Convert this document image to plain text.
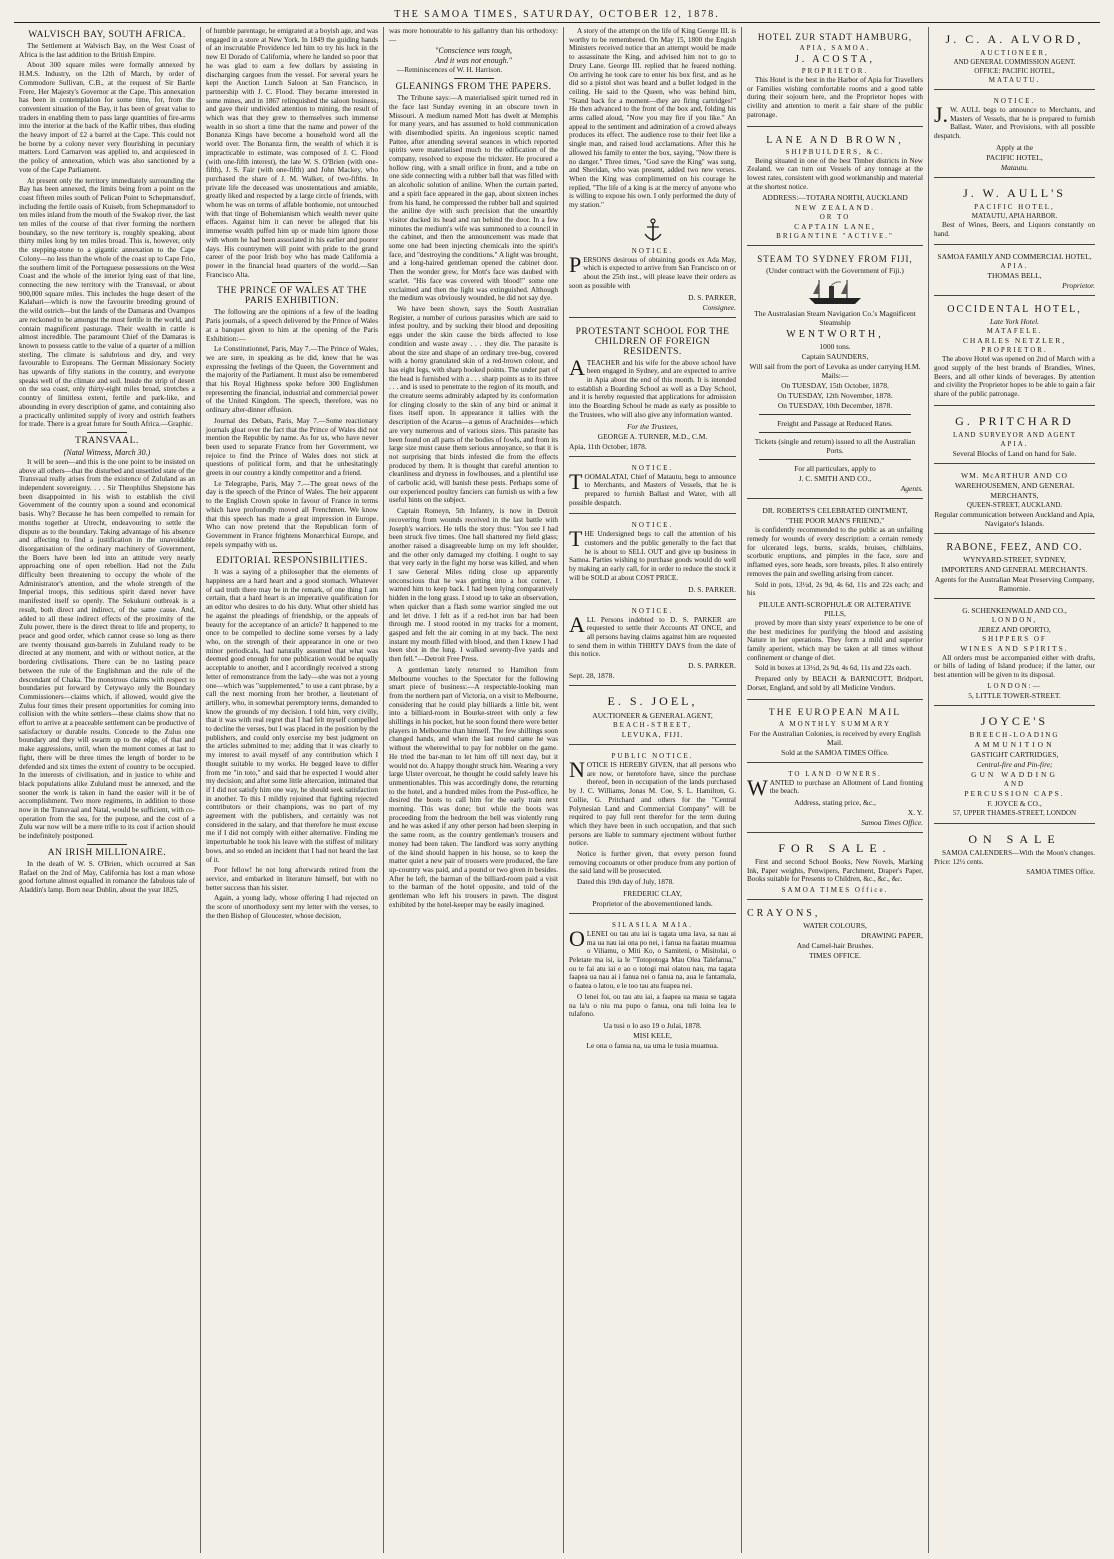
THE SAMOA TIMES, SATURDAY, OCTOBER 12, 1878.
WALVISCH BAY, SOUTH AFRICA.

The Settlement at Walvisch Bay, on the West Coast of Africa is the last addition to the British Empire.

About 300 square miles were formally annexed by H.M.S. Industry, on the 12th of March, by order of Commodore Sullivan, C.B., at the request of Sir Bartle Frere, Her Majesty's Governor at the Cape. This annexation has been in contemplation for some time, for, from the convenient situation of the Bay, it has been of great value to traders in enabling them to pass large quantities of fire-arms into the interior at the back of the Kaffir tribes, thus eluding the heavy import of £2 a barrel at the Cape. This could not be borne by a colony never very flourishing in pecuniary matters. Lord Carnarvon was applied to, and acquiesced in the policy of annexation, which was also sanctioned by a vote of the Cape Parliament.

At present only the territory immediately surrounding the Bay has been annexed, the limits being from a point on the coast fifteen miles south of Pelican Point to Schepmansdorf, including the fertile oasis of Kuiseb, from Schepmansdorf to ten miles inland from the mouth of the Swakop river, the last ten miles of the course of that river forming the northern boundary, so the new territory is, roughly speaking, about thirty miles long by ten miles broad. This is, however, only the stepping-stone to a gigantic annexation to the Cape Colony—no less than the whole of the coast up to Cape Frio, the southern limit of the Portuguese possessions on the West Coast and the whole of the interior lying east of that line, connecting the new territory with the Transvaal, or about 900,000 square miles. This includes the huge desert of the Kalahari—which is now the favourite breeding ground of the wild ostrich—but the lands of the Damaras and Ovampos are reckoned to be amongst the most fertile in the world, and contain magnificent pasturage. Their wealth in cattle is almost incredible. The paramount Chief of the Damaras is known to possess cattle to the value of a quarter of a million sterling. The climate is salubrious and dry, and very favourable to Europeans. The German Missionary Society has upwards of fifty stations in the country, and everyone speaks well of the climate and soil. Inside the strip of desert on the sea coast, only thirty-eight miles broad, stretches a country of limitless extent, fertile and park-like, and abounding in every description of game, and containing also a practically unlimited supply of ivory and ostrich feathers for trade. There is a great future for South Africa.—Graphic.

TRANSVAAL.
(Natal Witness, March 30.)

It will be seen—and this is the one point to be insisted on above all others—that the disturbed and unsettled state of the Transvaal really arises from the existence of Zululand as an independent sovereignty. . . . Sir Theophilus Shepstone has been disappointed in his wish to establish the civil Government of the country upon a sound and economical basis. Why? Because he has been compelled to remain for months together at Utrecht, endeavouring to settle the dispute as to the boundary. Taking advantage of his absence and affecting to find a justification in the unavoidable disorganisation of the ordinary machinery of Government, the Boers have been led into an attitude very nearly approaching one of open rebellion. Had not the Zulu difficulty been threatening to occupy the whole of the Administrator's attention, and the whole strength of the Imperial troops, this seditious spirit dared never have manifested itself so openly. The Sekukuni outbreak is a result, both direct and indirect, of the same cause. And, added to all these indirect effects of the proximity of the Zulu power, there is the direct threat to life and property, to peace and good order, which cannot cease so long as there are twenty thousand gun-barrels in Zululand ready to be directed at any moment, and with or without notice, at the bordering civilisations. There can be no lasting peace between the rule of the Englishman and the rule of the descendant of Chaka. The monstrous claims with respect to boundaries put forward by Cetywayo only the Boundary Commissioners—claims which, if allowed, would give the Zulus four times their present opportunities for coming into collision with the white settlers—these claims show that no effort to arrive at a peaceable settlement can be productive of satisfactory or durable results. Concede to the Zulus one boundary and they will swarm up to the edge, of that and make aggressions, until, when the moment comes at last to fight, there will be three times the length of border to be defended and six times the extent of country to be occupied. In the interests of civilisation, and in justice to white and black populations alike Zululand must be annexed, and the sooner the work is taken in hand the easier will it be of accomplishment. Two more regiments, in addition to those now in the Transvaal and Natal, would be sufficient, with co-operation from the sea, for the purpose, and the cost of a Zulu war now will be a mere trifle to its cost if action should be indefinitely postponed.

AN IRISH MILLIONAIRE.

In the death of W. S. O'Brien, which occurred at San Rafael on the 2nd of May, California has lost a man whose good fortune almost equalled in romance the fabulous tale of Aladdin's lamp. Born near Dublin, about the year 1825,

of humble parentage, he emigrated at a boyish age, and was engaged in a store at New York. In 1849 the guiding hands of an inscrutable Providence led him to try his luck in the new El Dorado of California, where he landed so poor that he was glad to earn a few dollars by assisting in discharging cargoes from the vessel. For several years he kept the Auction Lunch Saloon at San Francisco, in partnership with J. C. Flood. They became interested in some mines, and in 1867 relinquished the saloon business, and gave their undivided attention to mining, the result of which was that they grew to themselves such immense wealth in so short a time that the name and power of the Bonanza Kings have become a household word all the world over. The Bonanza firm, the wealth of which it is impracticable to estimate, was composed of J. C. Flood (with one-fifth interest), the late W. S. O'Brien (with one-fifth), J. S. Fair (with one-fifth) and John Mackey, who purchased the share of J. M. Walker, of two-fifths. In private life the deceased was unostentatious and amiable, greatly liked and respected by a large circle of friends, with whom he was on terms of affable bonhomie, not untouched with that tinge of Bohemianism which wealth never quite effaces. Against him it can never be alleged that his immense wealth puffed him up or made him ignore those with whom he had been associated in his earlier and poorer days. His countrymen will point with pride to the grand career of the poor Irish boy who has made California a power in the financial head quarters of the world.—San Francisco Alta.

THE PRINCE OF WALES AT THE PARIS EXHIBITION.

The following are the opinions of a few of the leading Paris journals, of a speech delivered by the Prince of Wales at a banquet given to him at the opening of the Paris Exhibition:—

Le Constitutionnel, Paris, May 7.—The Prince of Wales, we are sure, in speaking as he did, knew that he was expressing the feelings of the Queen, the Government and the majority of the Parliament. It must also be remembered that his Royal Highness spoke before 300 Englishmen representing the financial, industrial and commercial power of the United Kingdom. The speech, therefore, was no ordinary after-dinner effusion.

Journal des Debats, Paris, May 7.—Some reactionary journals gloat over the fact that the Prince of Wales did not mention the Republic by name. As for us, who have never been used to separate France from her Government, we rejoice to find the Prince of Wales does not stick at questions of political form, and that he unhesitatingly greets in our country a kindly competitor and a friend.

Le Telegraphe, Paris, May 7.—The great news of the day is the speech of the Prince of Wales. The heir apparent to the English Crown spoke in favour of France in terms which have profoundly moved all Frenchmen. We know that this speech has made a great impression in Europe. Who can now pretend that the Republican form of Government in France frightens Monarchical Europe, and repels sympathy with us.

EDITORIAL RESPONSIBILITIES.

It was a saying of a philosopher that the elements of happiness are a hard heart and a good stomach. Whatever of sad truth there may be in the remark, of one thing I am certain, that a hard heart is an imperative qualification for an editor who desires to do his duty. What other shield has he against the pleadings of friendship, or the appeals of beauty for the acceptance of an article? It happened to me once to be compelled to decline some verses by a lady who, on the strength of their appearance in one or two minor periodicals, had naturally assumed that what was deemed good enough for one publication would be equally acceptable to another, and I accordingly received a strong letter of remonstrance from the lady—she was not a young one—which was "supplemented," to use a cant phrase, by a call the next morning from her brother, a lieutenant of artillery, who, in somewhat peremptory terms, demanded to know the grounds of my decision. I told him, very civilly, that it was with real regret that I had felt myself compelled to decline the verses, but I was placed in the position by the publishers, and could only exercise my best judgment on the articles submitted to me; adding that it was clearly to my interest to avail myself of any contribution which I thought suitable to my works. He begged leave to differ from me "in toto," and said that he expected I would alter my decision; and after some little altercation, intimated that if I did not satisfy him one way, he should seek satisfaction in another. To this I mildly rejoined that fighting rejected contributors or their champions, was no part of my agreement with the publishers, and certainly was not considered in the salary, and that therefore he must excuse me if I did not comply with either alternative. Finding me imperturbable he took his leave with the stiffest of military bows, and so ended an incident that I had not heard the last of it.

Poor fellow! he not long afterwards retired from the service, and embarked in literature himself, but with no better success than his sister.

Again, a young lady, whose offering I had rejected on the score of unorthodoxy sent my letter with the verses, to the then Bishop of Gloucester, whose decision,

was more honourable to his gallantry than his orthodoxy:—

"Conscience was tough,
And it was not enough."

—Reminiscences of W. H. Harrison.

GLEANINGS FROM THE PAPERS.

The Tribune says:—A materialised spirit turned red in the face last Sunday evening in an obscure town in Missouri. A medium named Mott has dwelt at Memphis for many years, and has assumed to hold communication with disembodied spirits. An ingenious sceptic named Pattee, after attending several seances in which reported spirits were materialised much to the edification of the company, resolved to expose the trickster. He procured a hollow ring, with a small orifice in front, and a tube on one side connecting with a rubber ball that was filled with an alcoholic solution of aniline. When the curtain parted, and a spirit face appeared in the gap, about sixteen inches from his hand, he compressed the rubber ball and squirted the aniline dye with such precision that the unearthly visitor ducked its head and ran behind the door. In a few minutes the medium's wife was summoned to a council in the cabinet, and then the announcement was made that some one had been injecting chemicals into the spirit's face, and "destroying the conditions." A light was brought, and a long-haired gentleman opened the cabinet door. Then the wonder grew, for Mott's face was daubed with scarlet. "His face was covered with blood!" some one exclaimed and then the light was extinguished. Although the medium was obviously wounded, he did not say dye.

We have been shown, says the South Australian Register, a number of curious parasites which are said to infest poultry, and by sucking their blood and depositing eggs under the skin cause the birds affected to lose condition and waste away . . . they die. The parasite is about the size and shape of an ordinary tree-bug, covered with a horny granulated skin of a red-brown colour, and has eight legs, with sharp hooked points. The under part of the head is furnished with a . . . sharp points as to its three . . . and is used to penetrate to the region of its mouth, and the creature seems admirably adapted by its conformation for clinging closely to the skin of any bird or animal it fixes itself upon. In appearance it tallies with the description of the Acarus—a genus of Arachnides—which are very numerous and of various sizes. This parasite has been found on all parts of the bodies of fowls, and from its large size must cause them serious annoyance, so that it is not surprising that birds infested die from the effects produced by them. It is thought that careful attention to cleanliness and dryness in fowlhouses, and a plentiful use of carbolic acid, will banish these pests. Perhaps some of our experienced poultry fanciers can furnish us with a few useful hints on the subject.

Captain Romeyn, 5th Infantry, is now in Detroit recovering from wounds received in the last battle with Joseph's warriors. He tells the story thus: "You see I had been struck five times. One ball shattered my field glass; another raised a disagreeable lump on my left shoulder, and the other only damaged my clothing. I ought to say that very early in the fight my horse was killed, and when I saw General Miles riding close up apparently unconscious that he was getting into a hot corner, I warned him to keep back. I had been lying comparatively hidden in the long grass. I stood up to take an observation, when quicker than a flash some warrior singled me out and let drive. I felt as if a red-hot iron bar had been through me. I stood rooted in my tracks for a moment, gasped and felt the air coming in at my back. The next instant my mouth filled with blood, and then I knew I had been shot in the lung. I walked seventy-five yards and then fell."—Detroit Free Press.

A gentleman lately returned to Hamilton from Melbourne vouches to the Spectator for the following smart piece of business:—A respectable-looking man from the northern part of Victoria, on a visit to Melbourne, considering that he could play billiards a little bit, went into a billiard-room in Bourke-street with only a few shillings in his pocket, but he soon found there were better players in Melbourne than himself. The few shillings soon changed hands, and when the last round came he was without the wherewithal to pay for nobbler on the game. He tried the bar-man to let him off till next day, but it would not do. A happy thought struck him. Wearing a very large Ulster overcoat, he thought he could safely leave his unmentionables. This was accordingly done, the returning to the hotel, and a hundred miles from the Post-office, he desired the boots to call him for the early train next morning. This was done; but while the boots was proceeding from the bedroom the bell was violently rung and he was asked if any other person had been sleeping in the same room, as the country gentleman's trousers and money had been taken. The landlord was sorry anything of the kind should happen in his house, so to keep the matter quiet a new pair of trousers were produced, the fare up-country was paid, and a pound or two given in besides. After he left, the barman of the billiard-room paid a visit to the barman of the hotel opposite, and told of the gentleman who left his trousers in pawn. The disgust exhibited by the hotel-keeper may be easily imagined.

A story of the attempt on the life of King George III. is worthy to be remembered. On May 15, 1800 the Engish Ministers received notice that an attempt would be made to assassinate the King, and advised him not to go to Drury Lane. George III. replied that he feared nothing. On arriving he took care to enter his box first, and as he did so a pistol shot was heard and a bullet lodged in the ceiling. He said to the Queen, who was behind him, "Stand back for a moment—they are firing cartridges!" He then advanced to the front of the box and, folding his arms called aloud, "Now you may fire if you like." An appeal to the sentiment and admiration of a crowd always produces its effect. The audience rose to their feet like a single man, and raised loud acclamations. After this he allowed his family to enter the box, saying, "Now there is no danger." Three times, "God save the King" was sung, and Sheridan, who was present, added two new verses. When the King was complimented on his courage he replied, "The life of a king is at the mercy of anyone who is willing to expose his own. I only performed the duty of my station."

NOTICE.

PERSONS desirous of obtaining goods ex Ada May, which is expected to arrive from San Francisco on or about the 25th inst., will please leave their orders as soon as possible with

D. S. PARKER,
Consignee.
PROTESTANT SCHOOL FOR THE CHILDREN OF FOREIGN RESIDENTS.

ATEACHER and his wife for the above school have been engaged in Sydney, and are expected to arrive in Apia about the end of this month. It is intended to establish a Boarding School as well as a Day School, and it is hereby requested that applications for admission into the Boarding School be made as early as possible to the Trustees, who will also give any information wanted.

For the Trustees,
GEORGE A. TURNER, M.D., C.M.
Apia, 11th October, 1878.
NOTICE.

TOOMALATAI, Chief of Matautu, begs to announce to Merchants, and Masters of Vessels, that he is prepared to furnish Ballast and Water, with all possible despatch.

NOTICE.

THE Undersigned begs to call the attention of his customers and the public generally to the fact that he is about to SELL OUT and give up business in Samoa. Parties wishing to purchase goods would do well by making an early call, for in order to reduce the stock it will be SOLD at about COST PRICE.

D. S. PARKER.
NOTICE.

ALL Persons indebted to D. S. PARKER are requested to settle their Accounts AT ONCE, and all persons having claims against him are requested to send them in within THIRTY DAYS from the date of this notice.

D. S. PARKER.
Sept. 28, 1878.
E. S. JOEL,
AUCTIONEER & GENERAL AGENT,
BEACH-STREET,
LEVUKA, FIJI.
PUBLIC NOTICE.

NOTICE IS HEREBY GIVEN, that all persons who are now, or heretofore have, since the purchase thereof, been in occupation of the lands purchased by J. C. Williams, Jonas M. Coe, S. L. Hamilton, G. Collie, G. Pritchard and others for the "Central Polynesian Land and Commercial Company" will be required to pay full rent therefor for the term during which they have been in such occupation, and that such persons are liable to summary ejectment without further notice.

Notice is further given, that every person found removing cocoanuts or other produce from any portion of the said land will be prosecuted.

Dated this 19th day of July, 1878.

FREDERIC CLAY,
Proprietor of the abovementioned lands.
SILASILA MAIA.

OLENEI ou tau atu iai is tagata uma lava, sa nau ai ma ua nau iai ona po nei, i fanua na faatau muamua o Viliamu, o Miti Ko, o Samiteni, o Misitolai, o Peletate ma isi, ia le "Totopotoga Mau Olea Talefanua," ou te fai atu iai e ao o totogi mai olatou nau, ma tagata faapea ua nau ai i fanua nei o fanua na, aua le fantamala, o faatea o latou, e le too tau atu fuapea nei.

O lenei foi, ou tau atu iai, a faapea ua maua se tagata na la'u o niu ma pupo o fanua, ona tuli loina lea le tulafono.

Ua tusi o lo aso 19 o Julai, 1878.
MISI KELE,
Le ona o fanua na, ua uma le tusia muamua.
HOTEL ZUR STADT HAMBURG,
APIA, SAMOA.
J. ACOSTA,
PROPRIETOR.

This Hotel is the best in the Harbor of Apia for Travellers or Families wishing comfortable rooms and a good table during their sojourn here, and the Proprietor hopes with civility and attention to merit a fair share of the public patronage.

LANE AND BROWN,
SHIPBUILDERS, &C.

Being situated in one of the best Timber districts in New Zealand, we can turn out Vessels of any tonnage at the lowest rates, consistent with good workmanship and material at the shortest notice.

ADDRESS:—TOTARA NORTH, AUCKLAND
NEW ZEALAND.
OR TO
CAPTAIN LANE,
BRIGANTINE "ACTIVE."
STEAM TO SYDNEY FROM FIJI,
(Under contract with the Government of Fiji.)
The Australasian Steam Navigation Co.'s Magnificent Steamship
WENTWORTH,
1000 tons.
Captain SAUNDERS,
Will sail from the port of Levuka as under carrying H.M. Mails:—
On TUESDAY, 15th October, 1878.
On TUESDAY, 12th November, 1878.
On TUESDAY, 10th December, 1878.
Freight and Passage at Reduced Rates.
Tickets (single and return) issued to all the Australian Ports.
For all particulars, apply to
J. C. SMITH AND CO.,
Agents.
DR. ROBERTS'S CELEBRATED OINTMENT,
"THE POOR MAN'S FRIEND,"

is confidently recommended to the public as an unfailing remedy for wounds of every description: a certain remedy for ulcerated legs, burns, scalds, bruises, chilblains, scorbutic eruptions, and pimples in the face, sore and inflamed eyes, sore heads, sore breasts, piles. It also entirely removes the pain and swelling arising from cancer.

Sold in pots, 13½d, 2s 9d, 4s 6d, 11s and 22s each; and his

PILULE ANTI-SCROPHULÆ OR ALTERATIVE PILLS,

proved by more than sixty years' experience to be one of the best medicines for purifying the blood and assisting Nature in her operations. They form a mild and superior family aperient, which may be taken at all times without confinement or change of diet.

Sold in boxes at 13½d, 2s 9d, 4s 6d, 11s and 22s each.

Prepared only by BEACH & BARNICOTT, Bridport, Dorset, England, and sold by all Medicine Vendors.

THE EUROPEAN MAIL
A MONTHLY SUMMARY
For the Australian Colonies, is received by every English Mail.
Sold at the SAMOA TIMES Office.
TO LAND OWNERS.

WANTED to purchase an Allotment of Land fronting the beach.

Address, stating price, &c.,
X. Y.
Samoa Times Office.
FOR SALE.

First and second School Books, New Novels, Marking Ink, Paper weights, Penwipers, Parchment, Draper's Paper, Books suitable for Presents to Children, &c., &c., &c.

SAMOA TIMES Office.
CRAYONS,
WATER COLOURS,
DRAWING PAPER,
And Camel-hair Brushes.
TIMES OFFICE.
J. C. A. ALVORD,
AUCTIONEER,
AND GENERAL COMMISSION AGENT.
OFFICE: PACIFIC HOTEL,
MATAUTU.
NOTICE.

J.W. AULL begs to announce to Merchants, and Masters of Vessels, that he is prepared to furnish Ballast, Water, and Provisions, with all possible despatch.

Apply at the
PACIFIC HOTEL,
Matautu.
J. W. AULL'S
PACIFIC HOTEL,
MATAUTU, APIA HARBOR.

Best of Wines, Beers, and Liquors constantly on hand.

SAMOA FAMILY AND COMMERCIAL HOTEL,
APIA.
THOMAS BELL,
Proprietor.
OCCIDENTAL HOTEL,
Late York Hotel.
MATAFELE.
CHARLES NETZLER,
PROPRIETOR.

The above Hotel was opened on 2nd of March with a good supply of the best brands of Brandies, Wines, Beers, and all other kinds of beverages. By attention and civility the Proprietor hopes to be able to gain a fair share of the public patronage.

G. PRITCHARD
LAND SURVEYOR AND AGENT
APIA.
Several Blocks of Land on hand for Sale.
WM. McARTHUR AND CO
WAREHOUSEMEN, AND GENERAL
MERCHANTS,
QUEEN-STREET, AUCKLAND.
Regular communication between Auckland and Apia, Navigator's Islands.
RABONE, FEEZ, AND CO.
WYNYARD-STREET, SYDNEY,
IMPORTERS AND GENERAL MERCHANTS.
Agents for the Australian Meat Preserving Company, Ramornie.
G. SCHENKENWALD AND CO.,
LONDON,
JEREZ AND OPORTO,
SHIPPERS OF
WINES AND SPIRITS.

All orders must be accompanied either with drafts, or bills of lading of Island produce; if the latter, our best attention will be given to its disposal.

LONDON:—
5, LITTLE TOWER-STREET.
JOYCE'S
BREECH-LOADING
AMMUNITION
GASTIGHT CARTRIDGES,
Central-fire and Pin-fire;
GUN WADDING
AND
PERCUSSION CAPS.
F. JOYCE & CO.,
57, UPPER THAMES-STREET, LONDON
ON SALE

SAMOA CALENDERS—With the Moon's changes. Price: 12½ cents.

SAMOA TIMES Office.
